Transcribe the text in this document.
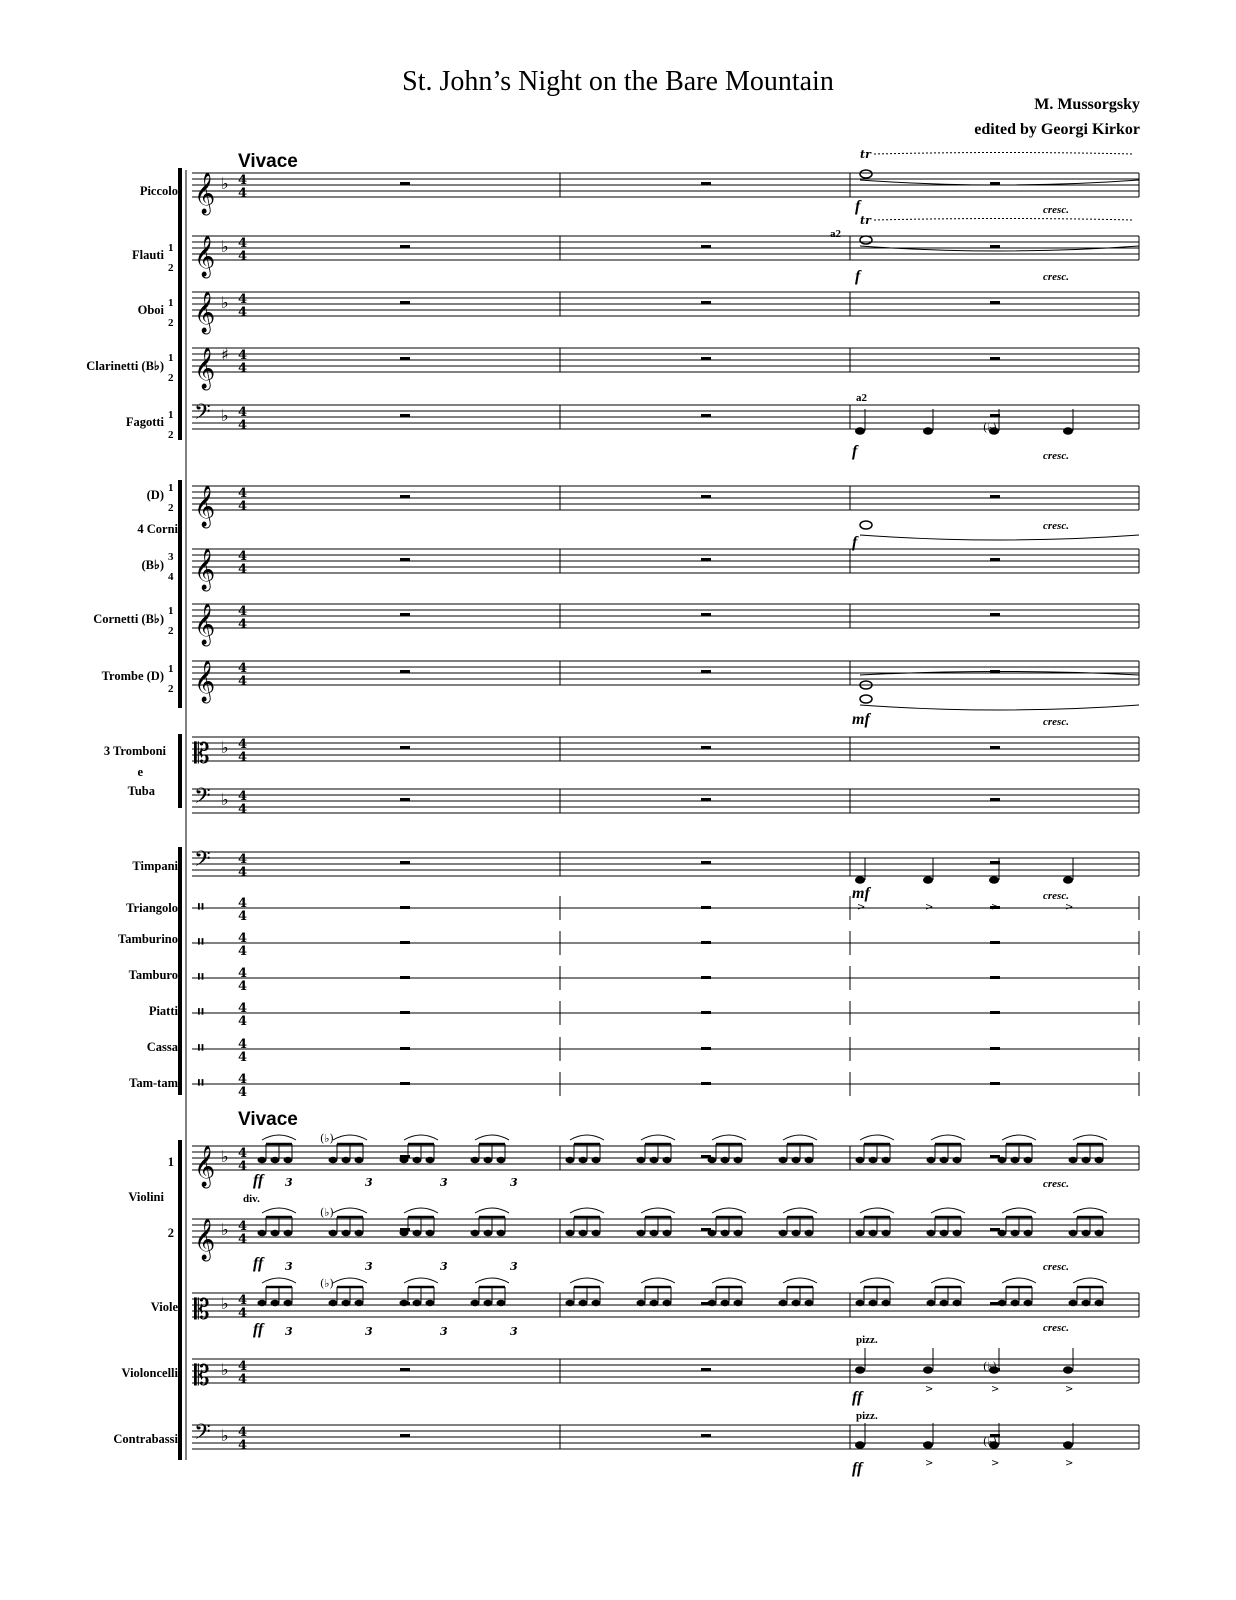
St. John’s Night on the Bare Mountain
M. Mussorgsky
edited by Georgi Kirkor
Vivace
Vivace
Piccolo
Flauti
Oboi
Clarinetti (B♭)
Fagotti
(D)
4 Corni
(B♭)
Cornetti (B♭)
Trombe (D)
3 Tromboni
e
Tuba
Timpani
Triangolo
Tamburino
Tamburo
Piatti
Cassa
Tam-tam
1
Violini
2
Viole
Violoncelli
Contrabassi
1
2
1
2
1
2
1
2
1
2
3
4
1
2
1
2
𝄞 ♭ 4
4
𝄞 ♭ 4
4
𝄞 ♭ 4
4
𝄞 ♯ 4
4
𝄢 ♭ 4
4
𝄞 4
4
𝄞 4
4
𝄞 4
4
𝄞 4
4
𝄡 ♭ 4
4
𝄢 ♭ 4
4
𝄢 4
4
𝄞 ♭ 4
4
𝄞 ♭ 4
4
𝄡 ♭ 4
4
𝄡 ♭ 4
4
𝄢 ♭ 4
4
𝄥	4
4
𝄥	4
4
𝄥	4
4
𝄥	4
4
𝄥	4
4
𝄥	4
4
tr
tr
3	3	3	3
3	3	3	3
3	3	3	3
(♭)
(♭)
(♭)
(♭)
(♭)
(♭)
>	>	>	>
>	>	>
>	>	>
f	cresc.
a2
f	cresc.
a2
f	cresc.
cresc.
f
mf	cresc.
mf	cresc.
ff	cresc.
div.
ff	cresc.
ff	cresc.
pizz.
ff
pizz.
ff
